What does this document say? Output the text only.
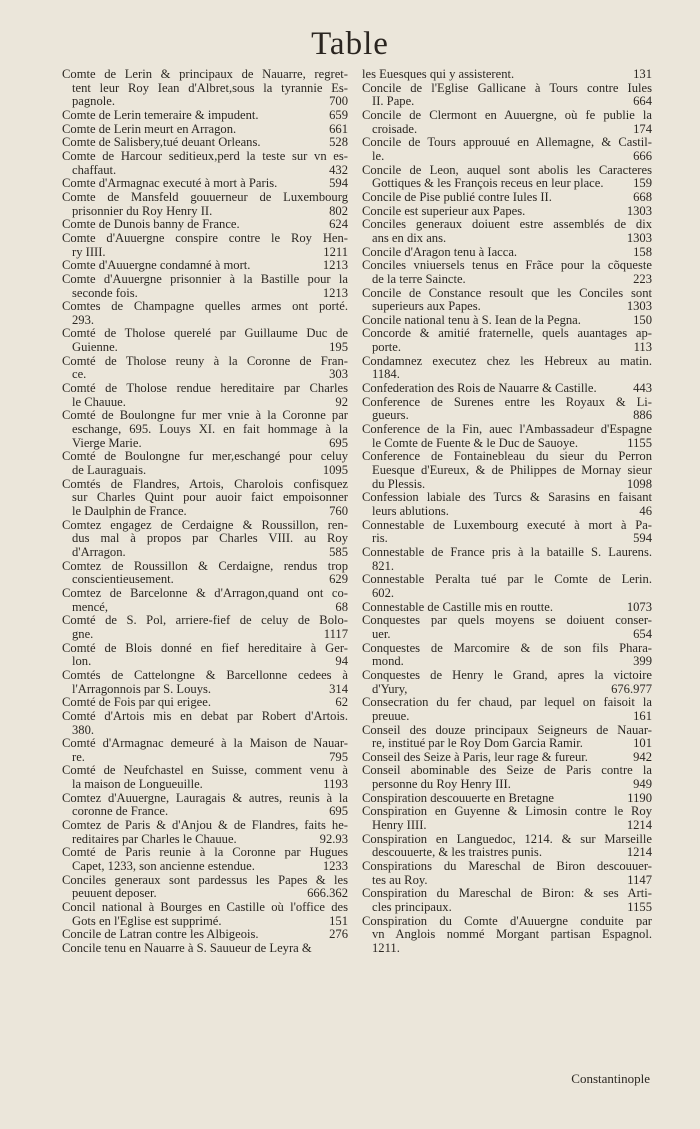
Table
Comte de Lerin & principaux de Nauarre, regret-
tent leur Roy Iean d'Albret,sous la tyrannie Es-
700
pagnole.
659
Comte de Lerin temeraire & impudent.
661
Comte de Lerin meurt en Arragon.
528
Comte de Salisbery,tué deuant Orleans.
Comte de Harcour seditieux,perd la teste sur vn es-
432
chaffaut.
594
Comte d'Armagnac executé à mort à Paris.
Comte de Mansfeld gouuerneur de Luxembourg
802
prisonnier du Roy Henry II.
624
Comte de Dunois banny de France.
Comte d'Auuergne conspire contre le Roy Hen-
1211
ry IIII.
1213
Comte d'Auuergne condamné à mort.
Comte d'Auuergne prisonnier à la Bastille pour la
1213
seconde fois.
Comtes de Champagne quelles armes ont porté.
293.
Comté de Tholose querelé par Guillaume Duc de
195
Guienne.
Comté de Tholose reuny à la Coronne de Fran-
303
ce.
Comté de Tholose rendue hereditaire par Charles
92
le Chauue.
Comté de Boulongne fur mer vnie à la Coronne par
eschange, 695. Louys XI. en fait hommage à la
695
Vierge Marie.
Comté de Boulongne fur mer,eschangé pour celuy
1095
de Lauraguais.
Comtés de Flandres, Artois, Charolois confisquez
sur Charles Quint pour auoir faict empoisonner
760
le Daulphin de France.
Comtez engagez de Cerdaigne & Roussillon, ren-
dus mal à propos par Charles VIII. au Roy
585
d'Arragon.
Comtez de Roussillon & Cerdaigne, rendus trop
629
conscientieusement.
Comtez de Barcelonne & d'Arragon,quand ont co-
68
mencé,
Comté de S. Pol, arriere-fief de celuy de Bolo-
1117
gne.
Comté de Blois donné en fief hereditaire à Ger-
94
lon.
Comtés de Cattelongne & Barcellonne cedees à
314
l'Arragonnois par S. Louys.
62
Comté de Fois par qui erigee.
Comté d'Artois mis en debat par Robert d'Artois.
380.
Comté d'Armagnac demeuré à la Maison de Nauar-
795
re.
Comté de Neufchastel en Suisse, comment venu à
1193
la maison de Longueuille.
Comtez d'Auuergne, Lauragais & autres, reunis à la
695
coronne de France.
Comtez de Paris & d'Anjou & de Flandres, faits he-
92.93
reditaires par Charles le Chauue.
Comté de Paris reunie à la Coronne par Hugues
1233
Capet, 1233, son ancienne estendue.
Conciles generaux sont pardessus les Papes & les
666.362
peuuent deposer.
Concil national à Bourges en Castille où l'office des
151
Gots en l'Eglise est supprimé.
276
Concile de Latran contre les Albigeois.
Concile tenu en Nauarre à S. Sauueur de Leyra &
131
les Euesques qui y assisterent.
Concile de l'Eglise Gallicane à Tours contre Iules
664
II. Pape.
Concile de Clermont en Auuergne, où fe publie la
174
croisade.
Concile de Tours approuué en Allemagne, & Castil-
666
le.
Concile de Leon, auquel sont abolis les Caracteres
159
Gottiques & les François receus en leur place.
668
Concile de Pise publié contre Iules II.
1303
Concile est superieur aux Papes.
Conciles generaux doiuent estre assemblés de dix
1303
ans en dix ans.
158
Concile d'Aragon tenu à Iacca.
Conciles vniuersels tenus en Frãce pour la cõqueste
223
de la terre Saincte.
Concile de Constance resoult que les Conciles sont
1303
superieurs aux Papes.
150
Concile national tenu à S. Iean de la Pegna.
Concorde & amitié fraternelle, quels auantages ap-
113
porte.
Condamnez executez chez les Hebreux au matin.
1184.
443
Confederation des Rois de Nauarre & Castille.
Conference de Surenes entre les Royaux & Li-
886
gueurs.
Conference de la Fin, auec l'Ambassadeur d'Espagne
1155
le Comte de Fuente & le Duc de Sauoye.
Conference de Fontainebleau du sieur du Perron
Euesque d'Eureux, & de Philippes de Mornay sieur
1098
du Plessis.
Confession labiale des Turcs & Sarasins en faisant
46
leurs ablutions.
Connestable de Luxembourg executé à mort à Pa-
594
ris.
Connestable de France pris à la bataille S. Laurens.
821.
Connestable Peralta tué par le Comte de Lerin.
602.
1073
Connestable de Castille mis en routte.
Conquestes par quels moyens se doiuent conser-
654
uer.
Conquestes de Marcomire & de son fils Phara-
399
mond.
Conquestes de Henry le Grand, apres la victoire
676.977
d'Yury,
Consecration du fer chaud, par lequel on faisoit la
161
preuue.
Conseil des douze principaux Seigneurs de Nauar-
101
re, institué par le Roy Dom Garcia Ramir.
942
Conseil des Seize à Paris, leur rage & fureur.
Conseil abominable des Seize de Paris contre la
949
personne du Roy Henry III.
1190
Conspiration descouuerte en Bretagne
Conspiration en Guyenne & Limosin contre le Roy
1214
Henry IIII.
Conspiration en Languedoc, 1214. & sur Marseille
1214
descouuerte, & les traistres punis.
Conspirations du Mareschal de Biron descouuer-
1147
tes au Roy.
Conspiration du Mareschal de Biron: & ses Arti-
1155
cles principaux.
Conspiration du Comte d'Auuergne conduite par
vn Anglois nommé Morgant partisan Espagnol.
1211.
Constantinople
